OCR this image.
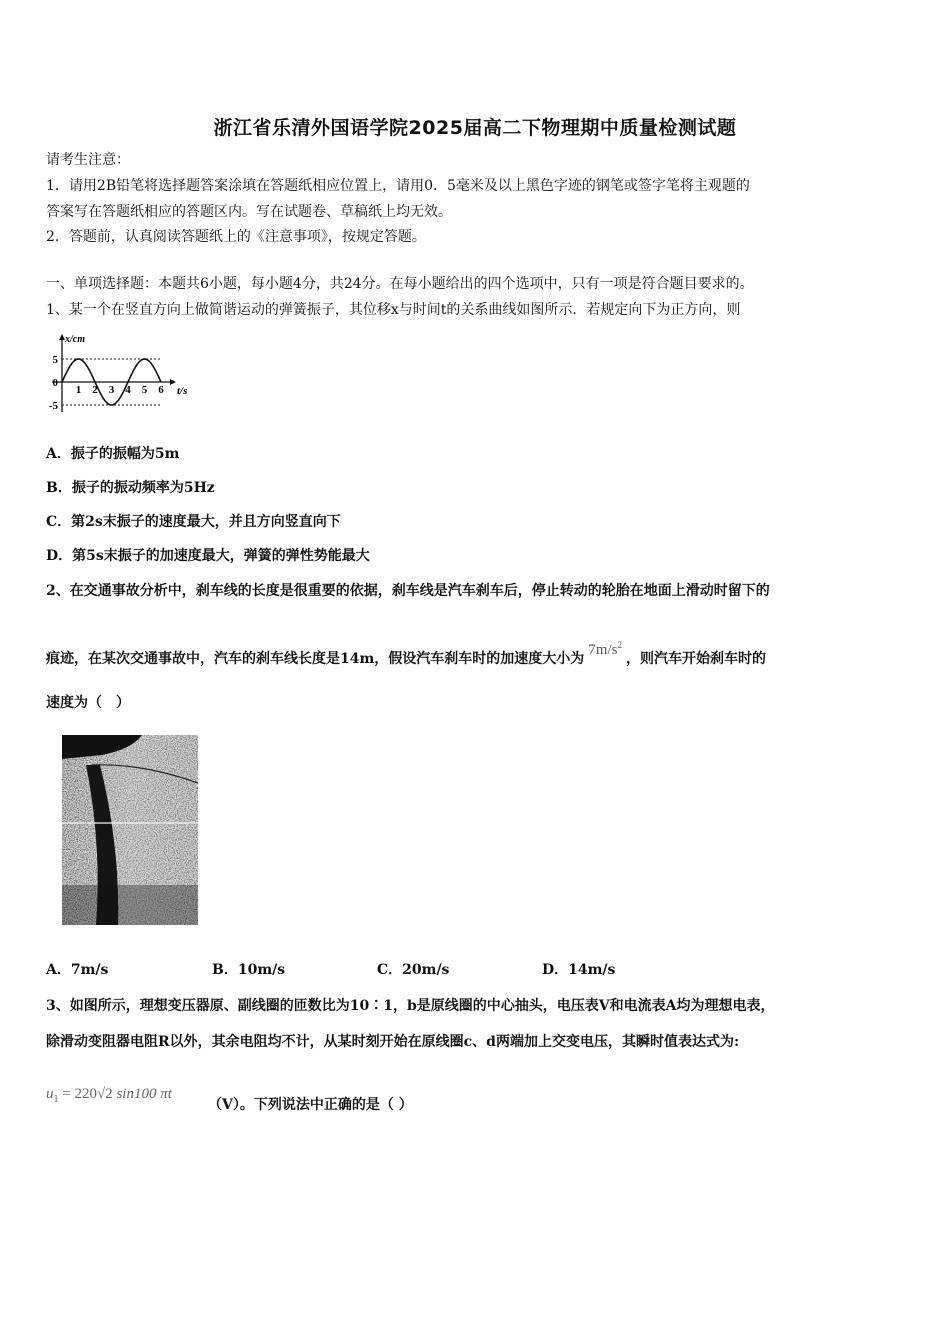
浙江省乐清外国语学院2025届高二下物理期中质量检测试题
请考生注意：
1．请用2B铅笔将选择题答案涂填在答题纸相应位置上，请用0．5毫米及以上黑色字迹的钢笔或签字笔将主观题的
答案写在答题纸相应的答题区内。写在试题卷、草稿纸上均无效。
2．答题前，认真阅读答题纸上的《注意事项》，按规定答题。
一、单项选择题：本题共6小题，每小题4分，共24分。在每小题给出的四个选项中，只有一项是符合题目要求的。
1、某一个在竖直方向上做简谐运动的弹簧振子，其位移x与时间t的关系曲线如图所示．若规定向下为正方向，则
x/cm
t/s
5
0
-5
1 2 3 4 5 6
A．振子的振幅为5m
B．振子的振动频率为5Hz
C．第2s末振子的速度最大，并且方向竖直向下
D．第5s末振子的加速度最大，弹簧的弹性势能最大
2、在交通事故分析中，刹车线的长度是很重要的依据，刹车线是汽车刹车后，停止转动的轮胎在地面上滑动时留下的
痕迹，在某次交通事故中，汽车的刹车线长度是14m，假设汽车刹车时的加速度大小为$7m/s^2$，则汽车开始刹车时的
速度为（　）
A．7m/s	B．10m/s	C．20m/s	D．14m/s
3、如图所示，理想变压器原、副线圈的匝数比为10∶1，b是原线圈的中心抽头，电压表V和电流表A均为理想电表，
除滑动变阻器电阻R以外，其余电阻均不计，从某时刻开始在原线圈c、d两端加上交变电压，其瞬时值表达式为:
$u_1 = 220√2$ sin100 πt
（V）。下列说法中正确的是（ ）
